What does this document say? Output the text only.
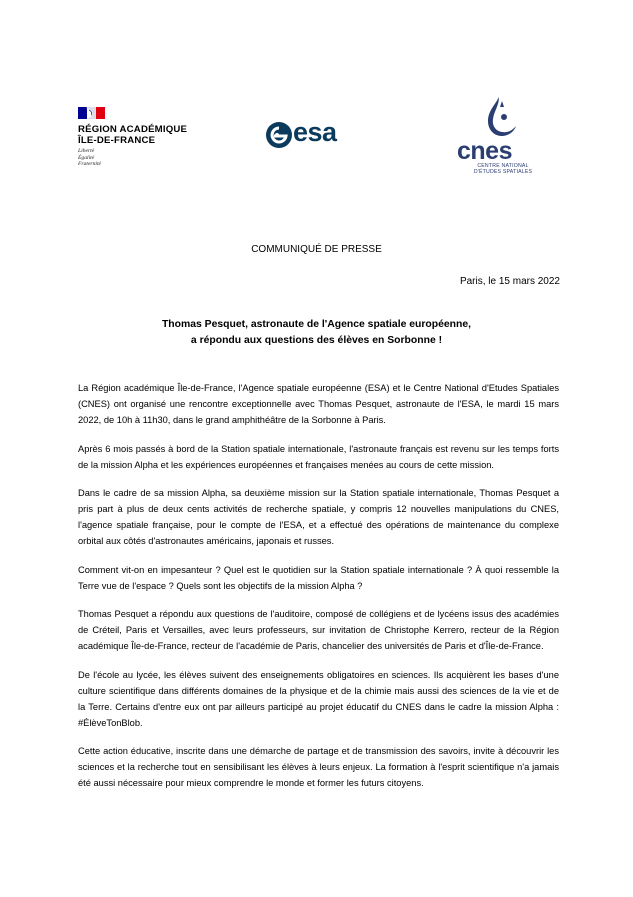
RÉGION ACADÉMIQUE
ÎLE-DE-FRANCE
Liberté
Égalité
Fraternité
esa
cnes
CENTRE NATIONAL
D'ÉTUDES SPATIALES
COMMUNIQUÉ DE PRESSE
Paris, le 15 mars 2022
Thomas Pesquet, astronaute de l'Agence spatiale européenne,
a répondu aux questions des élèves en Sorbonne !

La Région académique Île-de-France, l'Agence spatiale européenne (ESA) et le Centre National d'Etudes Spatiales (CNES) ont organisé une rencontre exceptionnelle avec Thomas Pesquet, astronaute de l'ESA, le mardi 15 mars 2022, de 10h à 11h30, dans le grand amphithéâtre de la Sorbonne à Paris.

Après 6 mois passés à bord de la Station spatiale internationale, l'astronaute français est revenu sur les temps forts de la mission Alpha et les expériences européennes et françaises menées au cours de cette mission.

Dans le cadre de sa mission Alpha, sa deuxième mission sur la Station spatiale internationale, Thomas Pesquet a pris part à plus de deux cents activités de recherche spatiale, y compris 12 nouvelles manipulations du CNES, l'agence spatiale française, pour le compte de l'ESA, et a effectué des opérations de maintenance du complexe orbital aux côtés d'astronautes américains, japonais et russes.

Comment vit-on en impesanteur ? Quel est le quotidien sur la Station spatiale internationale ? À quoi ressemble la Terre vue de l'espace ? Quels sont les objectifs de la mission Alpha ?

Thomas Pesquet a répondu aux questions de l'auditoire, composé de collégiens et de lycéens issus des académies de Créteil, Paris et Versailles, avec leurs professeurs, sur invitation de Christophe Kerrero, recteur de la Région académique Île-de-France, recteur de l'académie de Paris, chancelier des universités de Paris et d'Île-de-France.

De l'école au lycée, les élèves suivent des enseignements obligatoires en sciences. Ils acquièrent les bases d'une culture scientifique dans différents domaines de la physique et de la chimie mais aussi des sciences de la vie et de la Terre. Certains d'entre eux ont par ailleurs participé au projet éducatif du CNES dans le cadre la mission Alpha : #ÉlèveTonBlob.

Cette action éducative, inscrite dans une démarche de partage et de transmission des savoirs, invite à découvrir les sciences et la recherche tout en sensibilisant les élèves à leurs enjeux. La formation à l'esprit scientifique n'a jamais été aussi nécessaire pour mieux comprendre le monde et former les futurs citoyens.
